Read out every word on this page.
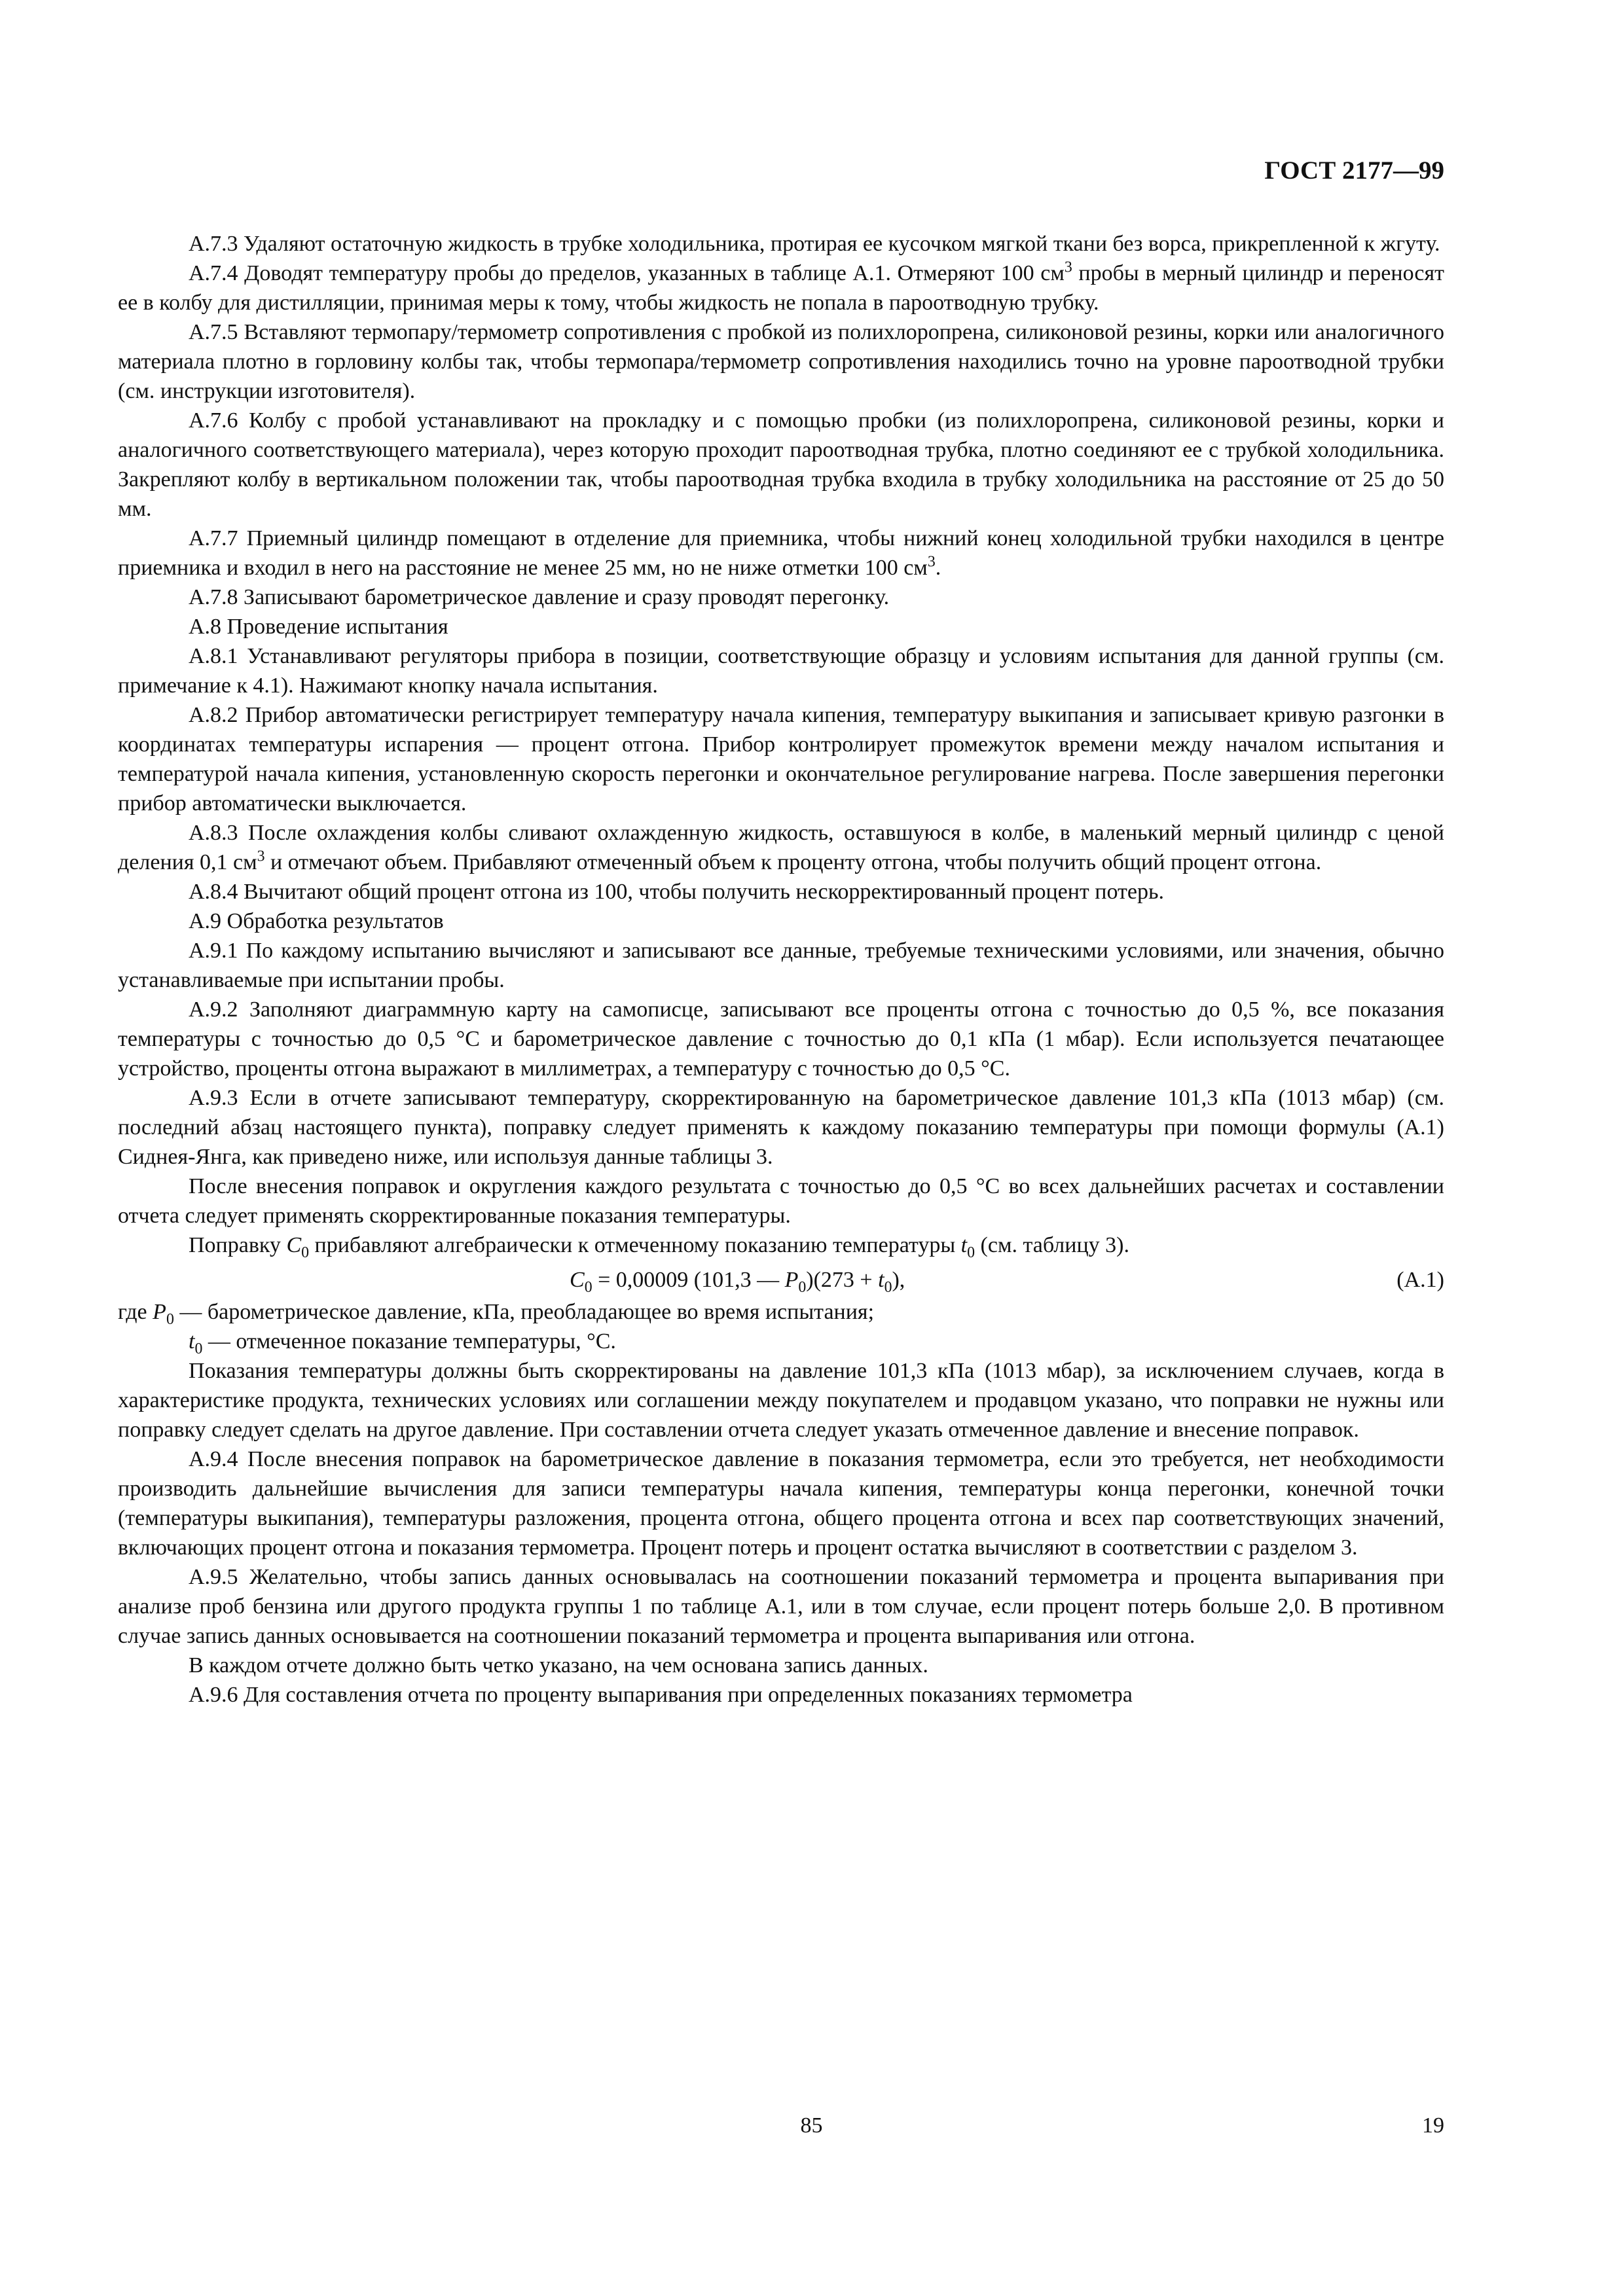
ГОСТ 2177—99

А.7.3 Удаляют остаточную жидкость в трубке холодильника, протирая ее кусочком мягкой ткани без ворса, прикрепленной к жгуту.

А.7.4 Доводят температуру пробы до пределов, указанных в таблице А.1. Отмеряют 100 $см^3$ пробы в мерный цилиндр и переносят ее в колбу для дистилляции, принимая меры к тому, чтобы жидкость не попала в пароотводную трубку.

А.7.5 Вставляют термопару/термометр сопротивления с пробкой из полихлоропрена, силиконовой резины, корки или аналогичного материала плотно в горловину колбы так, чтобы термопара/термометр сопротивления находились точно на уровне пароотводной трубки (см. инструкции изготовителя).

А.7.6 Колбу с пробой устанавливают на прокладку и с помощью пробки (из полихлоропрена, силиконовой резины, корки и аналогичного соответствующего материала), через которую проходит пароотводная трубка, плотно соединяют ее с трубкой холодильника. Закрепляют колбу в вертикальном положении так, чтобы пароотводная трубка входила в трубку холодильника на расстояние от 25 до 50 мм.

А.7.7 Приемный цилиндр помещают в отделение для приемника, чтобы нижний конец холодильной трубки находился в центре приемника и входил в него на расстояние не менее 25 мм, но не ниже отметки 100 $см^3$.

А.7.8 Записывают барометрическое давление и сразу проводят перегонку.

А.8 Проведение испытания

А.8.1 Устанавливают регуляторы прибора в позиции, соответствующие образцу и условиям испытания для данной группы (см. примечание к 4.1). Нажимают кнопку начала испытания.

А.8.2 Прибор автоматически регистрирует температуру начала кипения, температуру выкипания и записывает кривую разгонки в координатах температуры испарения — процент отгона. Прибор контролирует промежуток времени между началом испытания и температурой начала кипения, установленную скорость перегонки и окончательное регулирование нагрева. После завершения перегонки прибор автоматически выключается.

А.8.3 После охлаждения колбы сливают охлажденную жидкость, оставшуюся в колбе, в маленький мерный цилиндр с ценой деления 0,1 $см^3$ и отмечают объем. Прибавляют отмеченный объем к проценту отгона, чтобы получить общий процент отгона.

А.8.4 Вычитают общий процент отгона из 100, чтобы получить нескорректированный процент потерь.

А.9 Обработка результатов

А.9.1 По каждому испытанию вычисляют и записывают все данные, требуемые техническими условиями, или значения, обычно устанавливаемые при испытании пробы.

А.9.2 Заполняют диаграммную карту на самописце, записывают все проценты отгона с точностью до 0,5 %, все показания температуры с точностью до 0,5 °С и барометрическое давление с точностью до 0,1 кПа (1 мбар). Если используется печатающее устройство, проценты отгона выражают в миллиметрах, а температуру с точностью до 0,5 °С.

А.9.3 Если в отчете записывают температуру, скорректированную на барометрическое давление 101,3 кПа (1013 мбар) (см. последний абзац настоящего пункта), поправку следует применять к каждому показанию температуры при помощи формулы (А.1) Сиднея-Янга, как приведено ниже, или используя данные таблицы 3.

После внесения поправок и округления каждого результата с точностью до 0,5 °С во всех дальнейших расчетах и составлении отчета следует применять скорректированные показания температуры.

Поправку $C_0$ прибавляют алгебраически к отмеченному показанию температуры $t_0$ (см. таблицу 3).

$C_0 = 0,00009$ (101,3 — $P_0)(273 + t_0)$,	(А.1)

где $P_0$ — барометрическое давление, кПа, преобладающее во время испытания;

$t_0$ — отмеченное показание температуры, °С.

Показания температуры должны быть скорректированы на давление 101,3 кПа (1013 мбар), за исключением случаев, когда в характеристике продукта, технических условиях или соглашении между покупателем и продавцом указано, что поправки не нужны или поправку следует сделать на другое давление. При составлении отчета следует указать отмеченное давление и внесение поправок.

А.9.4 После внесения поправок на барометрическое давление в показания термометра, если это требуется, нет необходимости производить дальнейшие вычисления для записи температуры начала кипения, температуры конца перегонки, конечной точки (температуры выкипания), температуры разложения, процента отгона, общего процента отгона и всех пар соответствующих значений, включающих процент отгона и показания термометра. Процент потерь и процент остатка вычисляют в соответствии с разделом 3.

А.9.5 Желательно, чтобы запись данных основывалась на соотношении показаний термометра и процента выпаривания при анализе проб бензина или другого продукта группы 1 по таблице А.1, или в том случае, если процент потерь больше 2,0. В противном случае запись данных основывается на соотношении показаний термометра и процента выпаривания или отгона.

В каждом отчете должно быть четко указано, на чем основана запись данных.

А.9.6 Для составления отчета по проценту выпаривания при определенных показаниях термометра

85	19
